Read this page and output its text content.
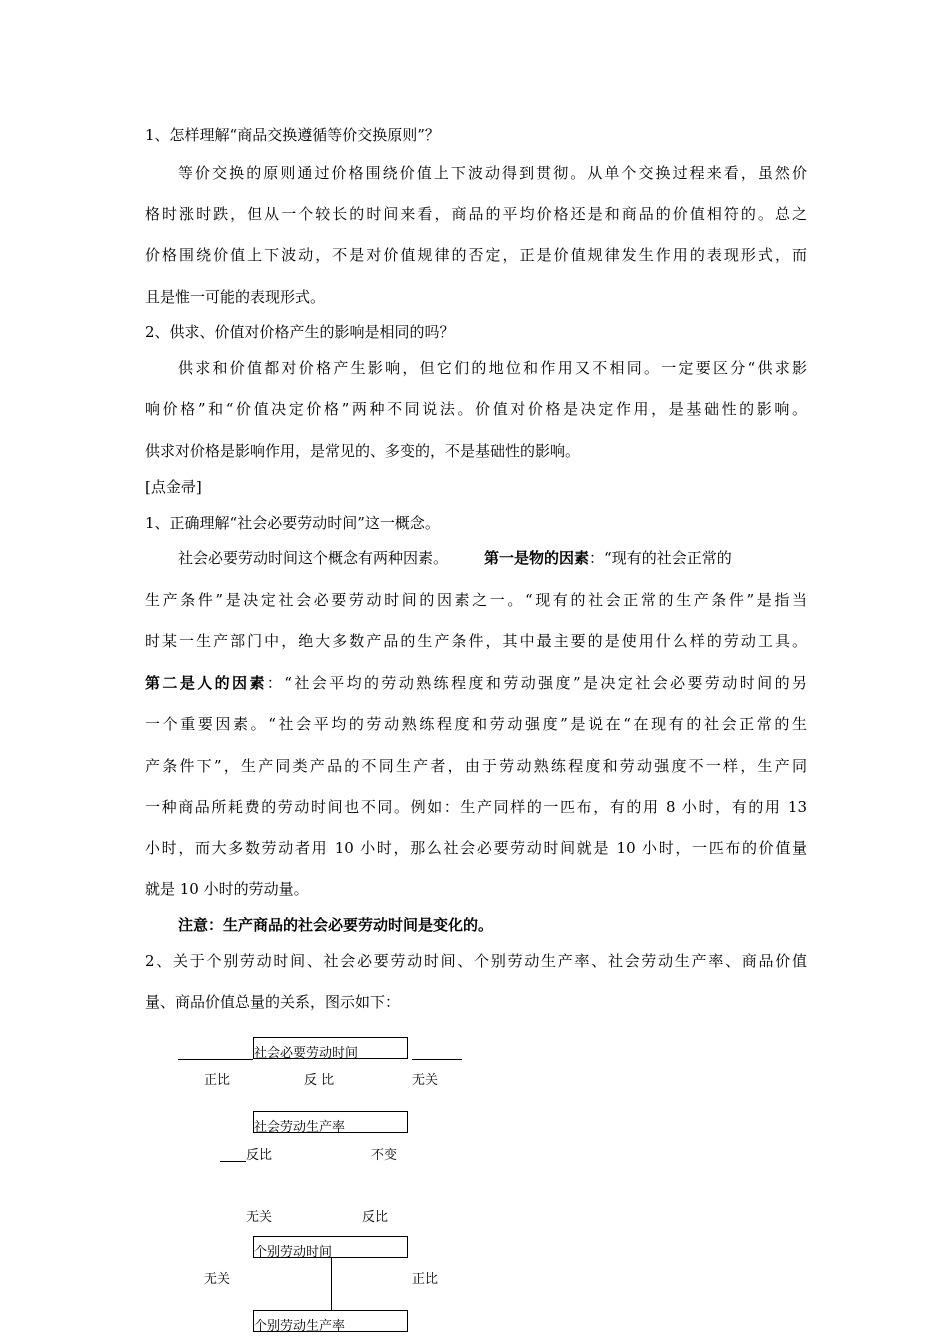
1、怎样理解“商品交换遵循等价交换原则”？
等价交换的原则通过价格围绕价值上下波动得到贯彻。从单个交换过程来看，虽然价
格时涨时跌，但从一个较长的时间来看，商品的平均价格还是和商品的价值相符的。总之
价格围绕价值上下波动，不是对价值规律的否定，正是价值规律发生作用的表现形式，而
且是惟一可能的表现形式。
2、供求、价值对价格产生的影响是相同的吗？
供求和价值都对价格产生影响，但它们的地位和作用又不相同。一定要区分“供求影
响价格”和“价值决定价格”两种不同说法。价值对价格是决定作用，是基础性的影响。
供求对价格是影响作用，是常见的、多变的，不是基础性的影响。
[点金帚]
1、正确理解“社会必要劳动时间”这一概念。
社会必要劳动时间这个概念有两种因素。 第一是物的因素：“现有的社会正常的
生产条件”是决定社会必要劳动时间的因素之一。“现有的社会正常的生产条件”是指当
时某一生产部门中，绝大多数产品的生产条件，其中最主要的是使用什么样的劳动工具。
第二是人的因素：“社会平均的劳动熟练程度和劳动强度”是决定社会必要劳动时间的另
一个重要因素。“社会平均的劳动熟练程度和劳动强度”是说在“在现有的社会正常的生
产条件下”，生产同类产品的不同生产者，由于劳动熟练程度和劳动强度不一样，生产同
一种商品所耗费的劳动时间也不同。例如：生产同样的一匹布，有的用 8 小时，有的用 13
小时，而大多数劳动者用 10 小时，那么社会必要劳动时间就是 10 小时，一匹布的价值量
就是 10 小时的劳动量。
注意：生产商品的社会必要劳动时间是变化的。
2、关于个别劳动时间、社会必要劳动时间、个别劳动生产率、社会劳动生产率、商品价值
量、商品价值总量的关系，图示如下：
社会必要劳动时间
正比	反 比	无关
社会劳动生产率
反比	不变
无关	反比
个别劳动时间
无关	正比
个别劳动生产率
